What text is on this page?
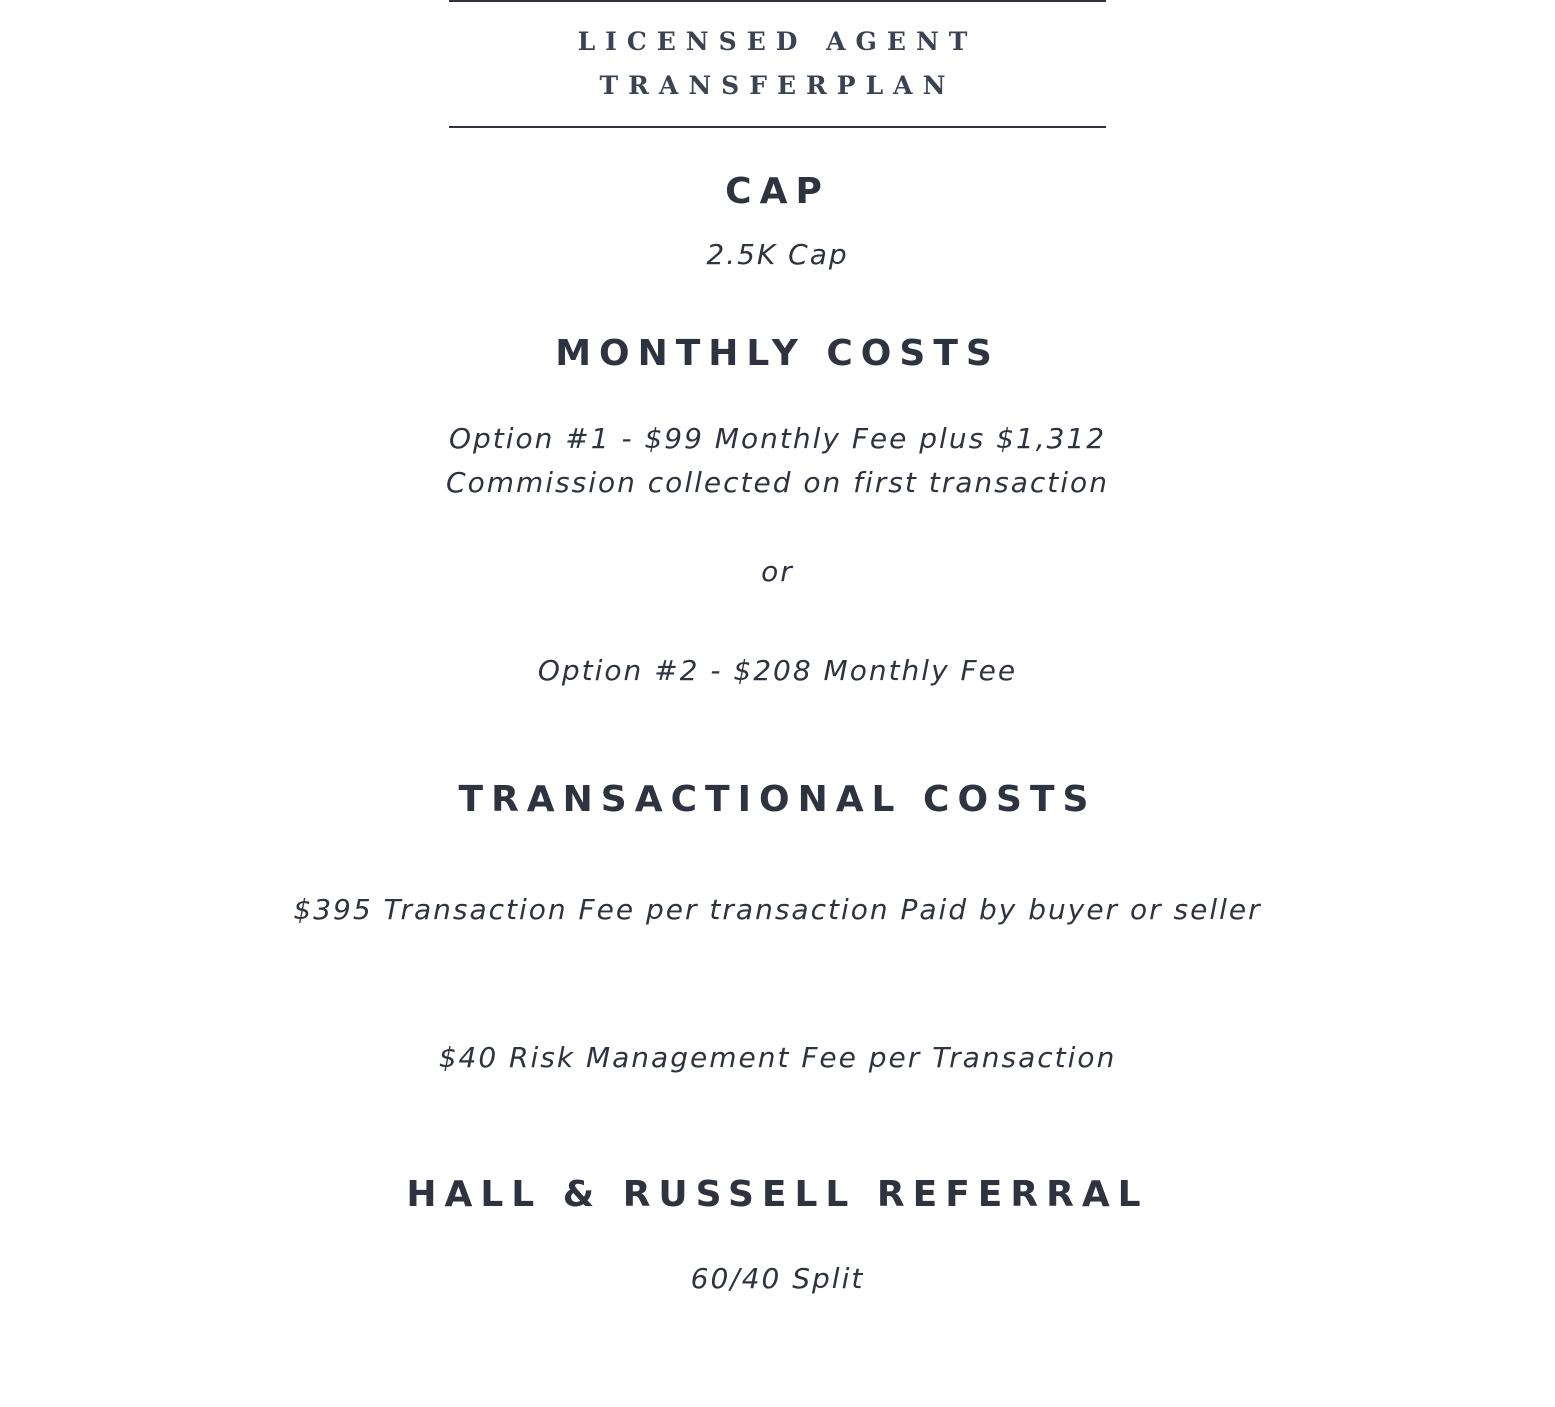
LICENSED AGENT
TRANSFERPLAN
CAP
2.5K Cap
MONTHLY COSTS
Option #1 - $99 Monthly Fee plus $1,312
Commission collected on first transaction
or
Option #2 - $208 Monthly Fee
TRANSACTIONAL COSTS
$395 Transaction Fee per transaction Paid by buyer or seller
$40 Risk Management Fee per Transaction
HALL & RUSSELL REFERRAL
60/40 Split
